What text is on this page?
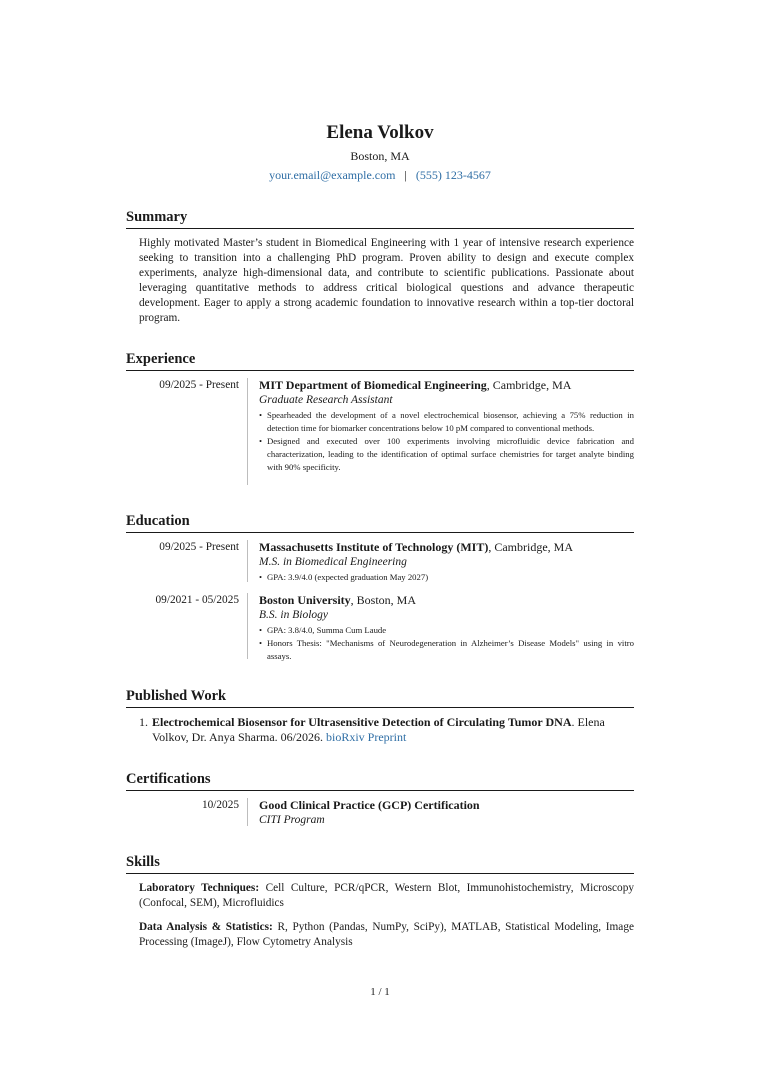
Elena Volkov
Boston, MA
your.email@example.com | (555) 123-4567
Summary
Highly motivated Master’s student in Biomedical Engineering with 1 year of intensive research experience seeking to transition into a challenging PhD program. Proven ability to design and execute complex experiments, analyze high-dimensional data, and contribute to scientific publications. Passionate about leveraging quantitative methods to address critical biological questions and advance therapeutic development. Eager to apply a strong academic foundation to innovative research within a top-tier doctoral program.
Experience
09/2025 - Present MIT Department of Biomedical Engineering, Cambridge, MA
Graduate Research Assistant
• Spearheaded the development of a novel electrochemical biosensor, achieving a 75% reduction in detection time for biomarker concentrations below 10 pM compared to conventional methods.
• Designed and executed over 100 experiments involving microfluidic device fabrication and characterization, leading to the identification of optimal surface chemistries for target analyte binding with 90% specificity.
Education
09/2025 - Present Massachusetts Institute of Technology (MIT), Cambridge, MA
M.S. in Biomedical Engineering
• GPA: 3.9/4.0 (expected graduation May 2027)
09/2021 - 05/2025 Boston University, Boston, MA
B.S. in Biology
• GPA: 3.8/4.0, Summa Cum Laude
• Honors Thesis: "Mechanisms of Neurodegeneration in Alzheimer’s Disease Models" using in vitro assays.
Published Work
1. Electrochemical Biosensor for Ultrasensitive Detection of Circulating Tumor DNA. Elena Volkov, Dr. Anya Sharma. 06/2026. bioRxiv Preprint
Certifications
10/2025 Good Clinical Practice (GCP) Certification
CITI Program
Skills
Laboratory Techniques: Cell Culture, PCR/qPCR, Western Blot, Immunohistochemistry, Microscopy (Confocal, SEM), Microfluidics
Data Analysis & Statistics: R, Python (Pandas, NumPy, SciPy), MATLAB, Statistical Modeling, Image Processing (ImageJ), Flow Cytometry Analysis
1 / 1
